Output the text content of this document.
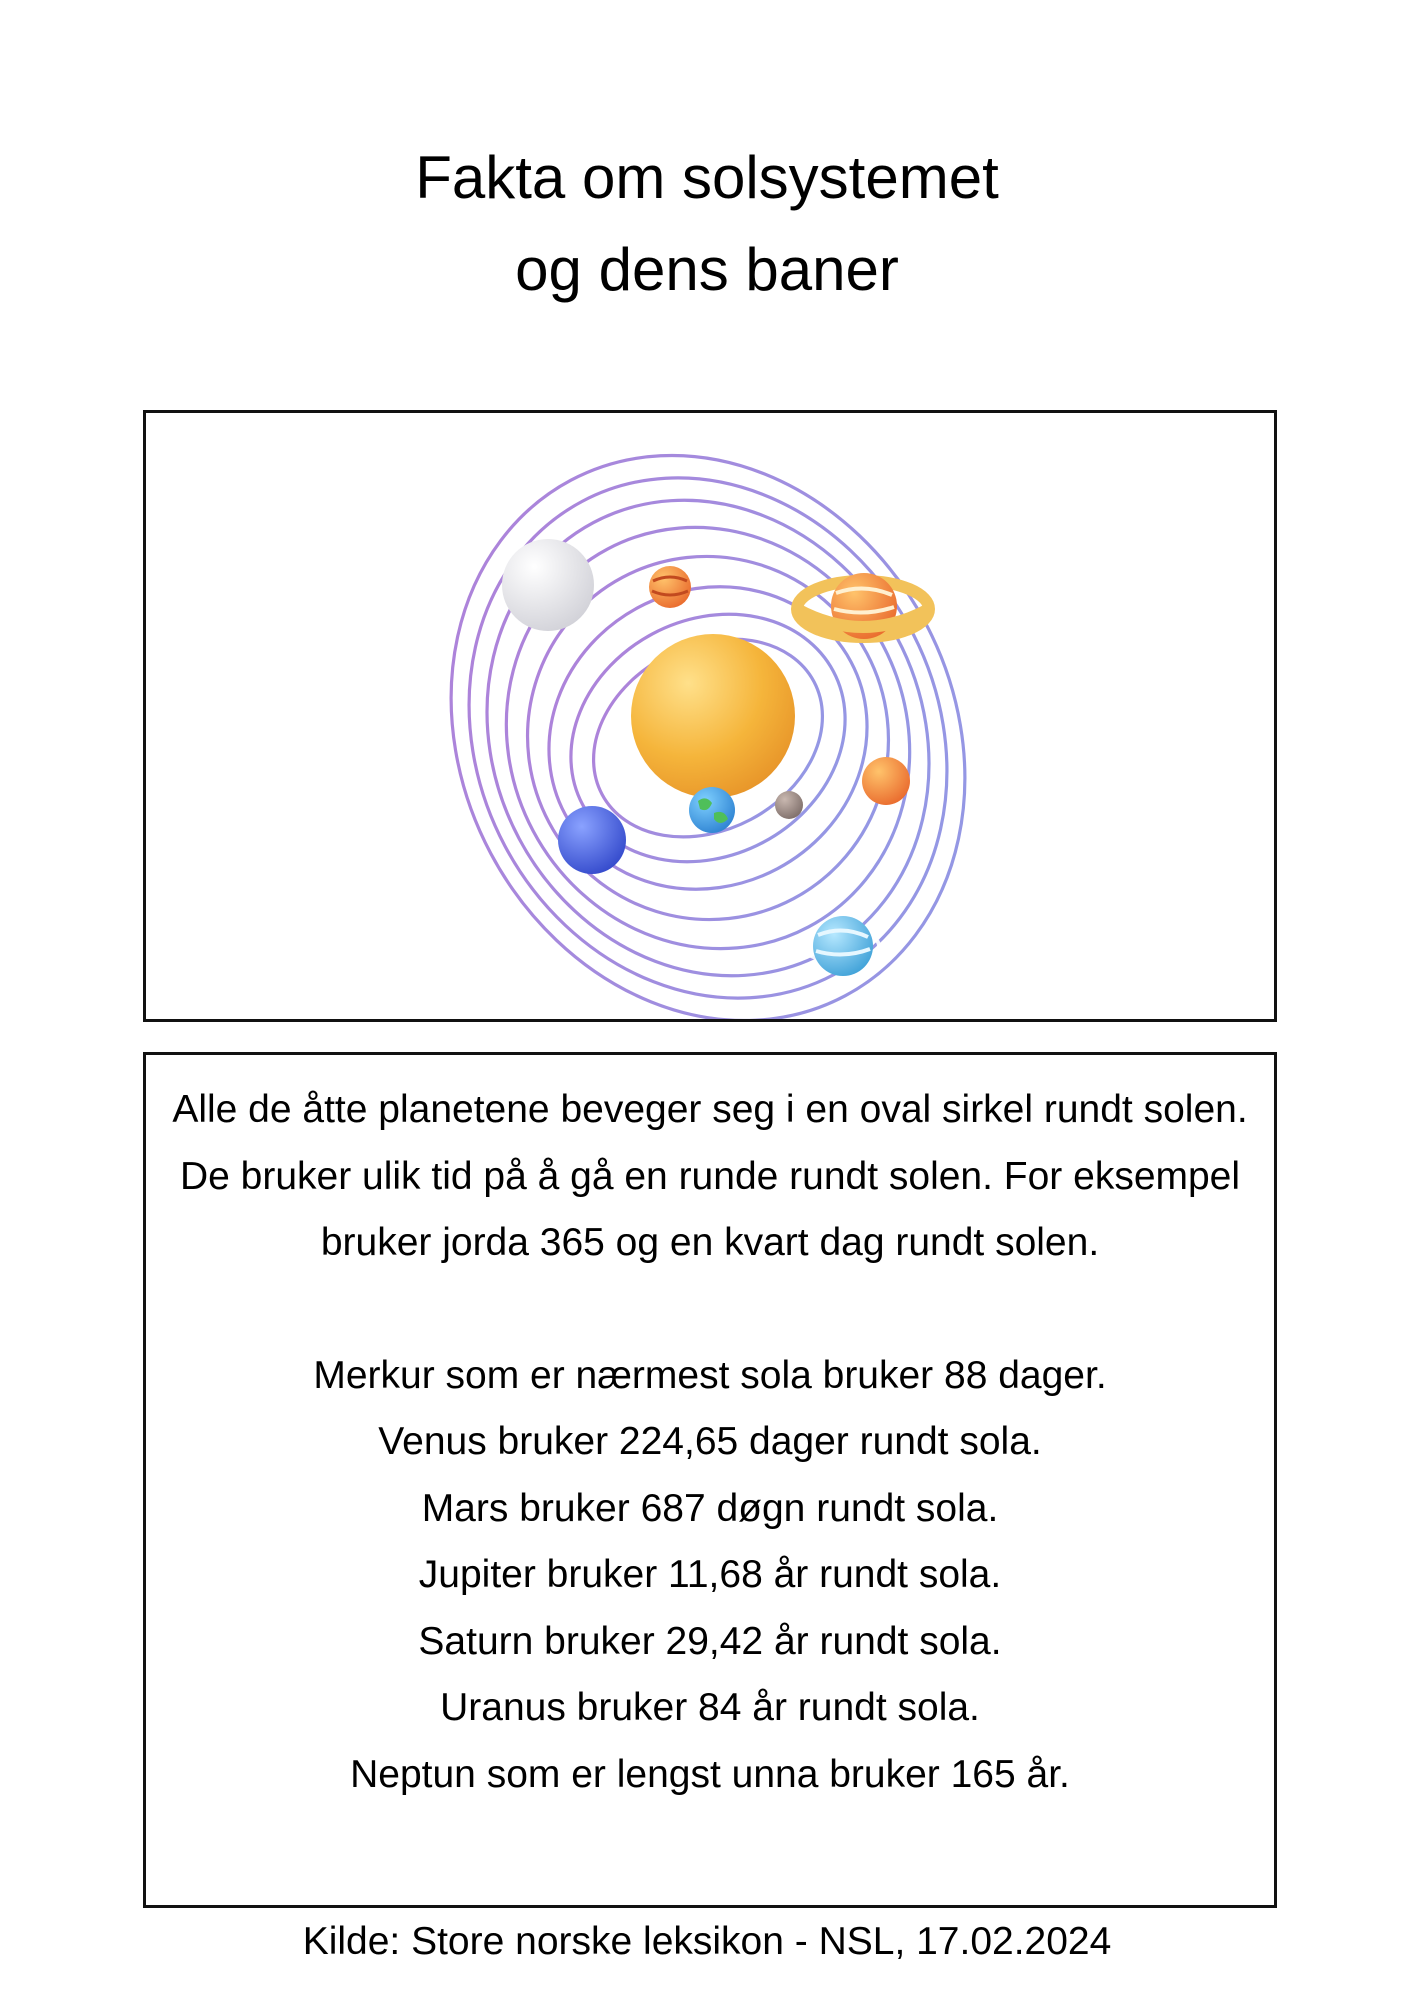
Fakta om solsystemet
og dens baner

Alle de åtte planetene beveger seg i en oval sirkel rundt solen. De bruker ulik tid på å gå en runde rundt solen. For eksempel bruker jorda 365 og en kvart dag rundt solen.

Merkur som er nærmest sola bruker 88 dager.

Venus bruker 224,65 dager rundt sola.

Mars bruker 687 døgn rundt sola.

Jupiter bruker 11,68 år rundt sola.

Saturn bruker 29,42 år rundt sola.

Uranus bruker 84 år rundt sola.

Neptun som er lengst unna bruker 165 år.

Kilde: Store norske leksikon - NSL, 17.02.2024
